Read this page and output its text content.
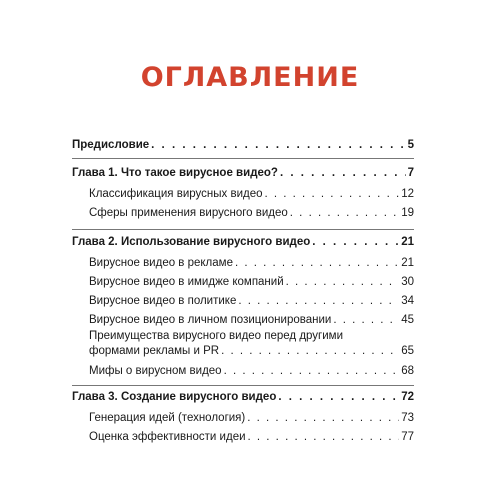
ОГЛАВЛЕНИЕ
Предисловие . . .	5
Глава 1. Что такое вирусное видео? . . .	7
Классификация вирусных видео . . .	12
Сферы применения вирусного видео . . .	19
Глава 2. Использование вирусного видео . . .	21
Вирусное видео в рекламе . . .	21
Вирусное видео в имидже компаний . . .	30
Вирусное видео в политике . . .	34
Вирусное видео в личном позиционировании . . .	45
Преимущества вирусного видео перед другими
формами рекламы и PR . . .	65
Мифы о вирусном видео . . .	68
Глава 3. Создание вирусного видео . . .	72
Генерация идей (технология) . . .	73
Оценка эффективности идеи . . .	77
